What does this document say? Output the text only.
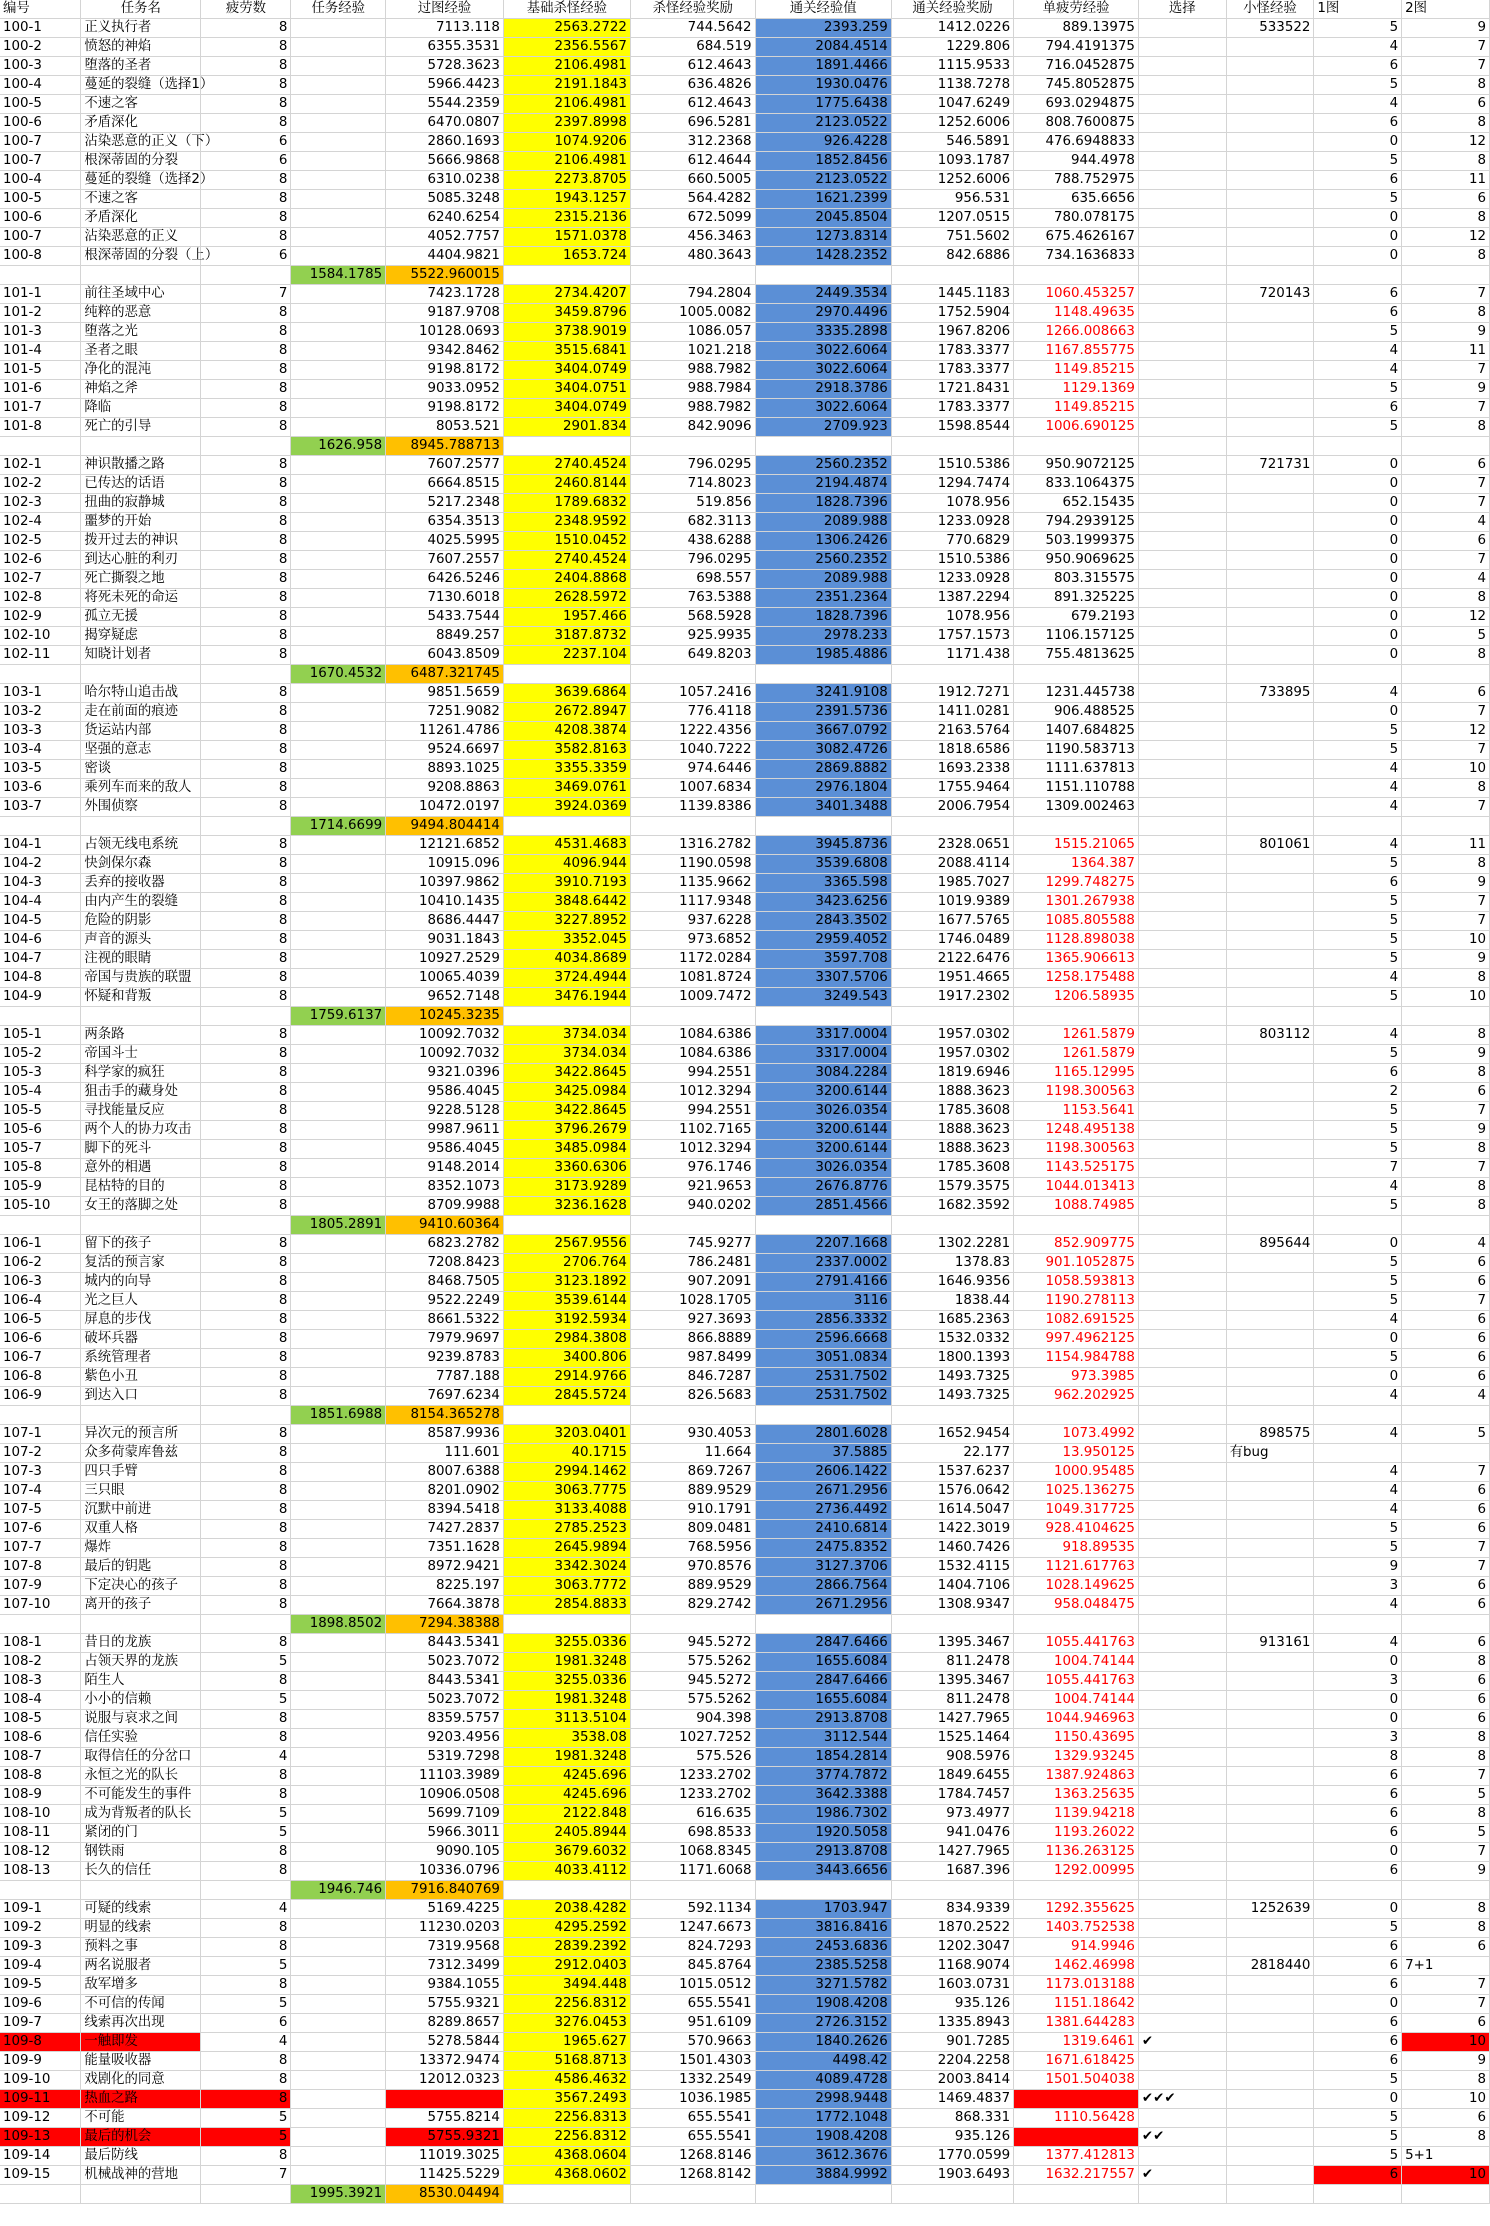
编号	任务名	疲劳数	任务经验	过图经验	基础杀怪经验	杀怪经验奖励	通关经验值	通关经验奖励	单疲劳经验	选择	小怪经验	1图	2图
100-1	正义执行者	8		7113.118	2563.2722	744.5642	2393.259	1412.0226	889.13975		533522	5	9
100-2	愤怒的神焰	8		6355.3531	2356.5567	684.519	2084.4514	1229.806	794.4191375			4	7
100-3	堕落的圣者	8		5728.3623	2106.4981	612.4643	1891.4466	1115.9533	716.0452875			6	7
100-4	蔓延的裂缝（选择1）	8		5966.4423	2191.1843	636.4826	1930.0476	1138.7278	745.8052875			5	8
100-5	不速之客	8		5544.2359	2106.4981	612.4643	1775.6438	1047.6249	693.0294875			4	6
100-6	矛盾深化	8		6470.0807	2397.8998	696.5281	2123.0522	1252.6006	808.7600875			6	8
100-7	沾染恶意的正义（下）	6		2860.1693	1074.9206	312.2368	926.4228	546.5891	476.6948833			0	12
100-7	根深蒂固的分裂	6		5666.9868	2106.4981	612.4644	1852.8456	1093.1787	944.4978			5	8
100-4	蔓延的裂缝（选择2）	8		6310.0238	2273.8705	660.5005	2123.0522	1252.6006	788.752975			6	11
100-5	不速之客	8		5085.3248	1943.1257	564.4282	1621.2399	956.531	635.6656			5	6
100-6	矛盾深化	8		6240.6254	2315.2136	672.5099	2045.8504	1207.0515	780.078175			0	8
100-7	沾染恶意的正义	8		4052.7757	1571.0378	456.3463	1273.8314	751.5602	675.4626167			0	12
100-8	根深蒂固的分裂（上）	6		4404.9821	1653.724	480.3643	1428.2352	842.6886	734.1636833			0	8
			1584.1785	5522.960015									
101-1	前往圣域中心	7		7423.1728	2734.4207	794.2804	2449.3534	1445.1183	1060.453257		720143	6	7
101-2	纯粹的恶意	8		9187.9708	3459.8796	1005.0082	2970.4496	1752.5904	1148.49635			6	8
101-3	堕落之光	8		10128.0693	3738.9019	1086.057	3335.2898	1967.8206	1266.008663			5	9
101-4	圣者之眼	8		9342.8462	3515.6841	1021.218	3022.6064	1783.3377	1167.855775			4	11
101-5	净化的混沌	8		9198.8172	3404.0749	988.7982	3022.6064	1783.3377	1149.85215			4	7
101-6	神焰之斧	8		9033.0952	3404.0751	988.7984	2918.3786	1721.8431	1129.1369			5	9
101-7	降临	8		9198.8172	3404.0749	988.7982	3022.6064	1783.3377	1149.85215			6	7
101-8	死亡的引导	8		8053.521	2901.834	842.9096	2709.923	1598.8544	1006.690125			5	8
			1626.958	8945.788713									
102-1	神识散播之路	8		7607.2577	2740.4524	796.0295	2560.2352	1510.5386	950.9072125		721731	0	6
102-2	已传达的话语	8		6664.8515	2460.8144	714.8023	2194.4874	1294.7474	833.1064375			0	7
102-3	扭曲的寂静城	8		5217.2348	1789.6832	519.856	1828.7396	1078.956	652.15435			0	7
102-4	噩梦的开始	8		6354.3513	2348.9592	682.3113	2089.988	1233.0928	794.2939125			0	4
102-5	拨开过去的神识	8		4025.5995	1510.0452	438.6288	1306.2426	770.6829	503.1999375			0	6
102-6	到达心脏的利刃	8		7607.2557	2740.4524	796.0295	2560.2352	1510.5386	950.9069625			0	7
102-7	死亡撕裂之地	8		6426.5246	2404.8868	698.557	2089.988	1233.0928	803.315575			0	4
102-8	将死未死的命运	8		7130.6018	2628.5972	763.5388	2351.2364	1387.2294	891.325225			0	8
102-9	孤立无援	8		5433.7544	1957.466	568.5928	1828.7396	1078.956	679.2193			0	12
102-10	揭穿疑虑	8		8849.257	3187.8732	925.9935	2978.233	1757.1573	1106.157125			0	5
102-11	知晓计划者	8		6043.8509	2237.104	649.8203	1985.4886	1171.438	755.4813625			0	8
			1670.4532	6487.321745									
103-1	哈尔特山追击战	8		9851.5659	3639.6864	1057.2416	3241.9108	1912.7271	1231.445738		733895	4	6
103-2	走在前面的痕迹	8		7251.9082	2672.8947	776.4118	2391.5736	1411.0281	906.488525			0	7
103-3	货运站内部	8		11261.4786	4208.3874	1222.4356	3667.0792	2163.5764	1407.684825			5	12
103-4	坚强的意志	8		9524.6697	3582.8163	1040.7222	3082.4726	1818.6586	1190.583713			5	7
103-5	密谈	8		8893.1025	3355.3359	974.6446	2869.8882	1693.2338	1111.637813			4	10
103-6	乘列车而来的敌人	8		9208.8863	3469.0761	1007.6834	2976.1804	1755.9464	1151.110788			4	8
103-7	外围侦察	8		10472.0197	3924.0369	1139.8386	3401.3488	2006.7954	1309.002463			4	7
			1714.6699	9494.804414									
104-1	占领无线电系统	8		12121.6852	4531.4683	1316.2782	3945.8736	2328.0651	1515.21065		801061	4	11
104-2	快剑保尔森	8		10915.096	4096.944	1190.0598	3539.6808	2088.4114	1364.387			5	8
104-3	丢弃的接收器	8		10397.9862	3910.7193	1135.9662	3365.598	1985.7027	1299.748275			6	9
104-4	由内产生的裂缝	8		10410.1435	3848.6442	1117.9348	3423.6256	1019.9389	1301.267938			5	7
104-5	危险的阴影	8		8686.4447	3227.8952	937.6228	2843.3502	1677.5765	1085.805588			5	7
104-6	声音的源头	8		9031.1843	3352.045	973.6852	2959.4052	1746.0489	1128.898038			5	10
104-7	注视的眼睛	8		10927.2529	4034.8689	1172.0284	3597.708	2122.6476	1365.906613			5	9
104-8	帝国与贵族的联盟	8		10065.4039	3724.4944	1081.8724	3307.5706	1951.4665	1258.175488			4	8
104-9	怀疑和背叛	8		9652.7148	3476.1944	1009.7472	3249.543	1917.2302	1206.58935			5	10
			1759.6137	10245.3235									
105-1	两条路	8		10092.7032	3734.034	1084.6386	3317.0004	1957.0302	1261.5879		803112	4	8
105-2	帝国斗士	8		10092.7032	3734.034	1084.6386	3317.0004	1957.0302	1261.5879			5	9
105-3	科学家的疯狂	8		9321.0396	3422.8645	994.2551	3084.2284	1819.6946	1165.12995			6	8
105-4	狙击手的藏身处	8		9586.4045	3425.0984	1012.3294	3200.6144	1888.3623	1198.300563			2	6
105-5	寻找能量反应	8		9228.5128	3422.8645	994.2551	3026.0354	1785.3608	1153.5641			5	7
105-6	两个人的协力攻击	8		9987.9611	3796.2679	1102.7165	3200.6144	1888.3623	1248.495138			5	9
105-7	脚下的死斗	8		9586.4045	3485.0984	1012.3294	3200.6144	1888.3623	1198.300563			5	8
105-8	意外的相遇	8		9148.2014	3360.6306	976.1746	3026.0354	1785.3608	1143.525175			7	7
105-9	昆枯特的目的	8		8352.1073	3173.9289	921.9653	2676.8776	1579.3575	1044.013413			4	8
105-10	女王的落脚之处	8		8709.9988	3236.1628	940.0202	2851.4566	1682.3592	1088.74985			5	8
			1805.2891	9410.60364									
106-1	留下的孩子	8		6823.2782	2567.9556	745.9277	2207.1668	1302.2281	852.909775		895644	0	4
106-2	复活的预言家	8		7208.8423	2706.764	786.2481	2337.0002	1378.83	901.1052875			5	6
106-3	城内的向导	8		8468.7505	3123.1892	907.2091	2791.4166	1646.9356	1058.593813			5	6
106-4	光之巨人	8		9522.2249	3539.6144	1028.1705	3116	1838.44	1190.278113			5	7
106-5	屏息的步伐	8		8661.5322	3192.5934	927.3693	2856.3332	1685.2363	1082.691525			4	6
106-6	破坏兵器	8		7979.9697	2984.3808	866.8889	2596.6668	1532.0332	997.4962125			0	6
106-7	系统管理者	8		9239.8783	3400.806	987.8499	3051.0834	1800.1393	1154.984788			5	6
106-8	紫色小丑	8		7787.188	2914.9766	846.7287	2531.7502	1493.7325	973.3985			0	6
106-9	到达入口	8		7697.6234	2845.5724	826.5683	2531.7502	1493.7325	962.202925			4	4
			1851.6988	8154.365278									
107-1	异次元的预言所	8		8587.9936	3203.0401	930.4053	2801.6028	1652.9454	1073.4992		898575	4	5
107-2	众多荷蒙库鲁兹	8		111.601	40.1715	11.664	37.5885	22.177	13.950125		有bug		
107-3	四只手臂	8		8007.6388	2994.1462	869.7267	2606.1422	1537.6237	1000.95485			4	7
107-4	三只眼	8		8201.0902	3063.7775	889.9529	2671.2956	1576.0642	1025.136275			4	6
107-5	沉默中前进	8		8394.5418	3133.4088	910.1791	2736.4492	1614.5047	1049.317725			4	6
107-6	双重人格	8		7427.2837	2785.2523	809.0481	2410.6814	1422.3019	928.4104625			5	6
107-7	爆炸	8		7351.1628	2645.9894	768.5956	2475.8352	1460.7426	918.89535			5	7
107-8	最后的钥匙	8		8972.9421	3342.3024	970.8576	3127.3706	1532.4115	1121.617763			9	7
107-9	下定决心的孩子	8		8225.197	3063.7772	889.9529	2866.7564	1404.7106	1028.149625			3	6
107-10	离开的孩子	8		7664.3878	2854.8833	829.2742	2671.2956	1308.9347	958.048475			4	6
			1898.8502	7294.38388									
108-1	昔日的龙族	8		8443.5341	3255.0336	945.5272	2847.6466	1395.3467	1055.441763		913161	4	6
108-2	占领天界的龙族	5		5023.7072	1981.3248	575.5262	1655.6084	811.2478	1004.74144			0	8
108-3	陌生人	8		8443.5341	3255.0336	945.5272	2847.6466	1395.3467	1055.441763			3	6
108-4	小小的信赖	5		5023.7072	1981.3248	575.5262	1655.6084	811.2478	1004.74144			0	6
108-5	说服与哀求之间	8		8359.5757	3113.5104	904.398	2913.8708	1427.7965	1044.946963			0	6
108-6	信任实验	8		9203.4956	3538.08	1027.7252	3112.544	1525.1464	1150.43695			3	8
108-7	取得信任的分岔口	4		5319.7298	1981.3248	575.526	1854.2814	908.5976	1329.93245			8	8
108-8	永恒之光的队长	8		11103.3989	4245.696	1233.2702	3774.7872	1849.6455	1387.924863			6	7
108-9	不可能发生的事件	8		10906.0508	4245.696	1233.2702	3642.3388	1784.7457	1363.25635			6	5
108-10	成为背叛者的队长	5		5699.7109	2122.848	616.635	1986.7302	973.4977	1139.94218			6	8
108-11	紧闭的门	5		5966.3011	2405.8944	698.8533	1920.5058	941.0476	1193.26022			6	5
108-12	钢铁雨	8		9090.105	3679.6032	1068.8345	2913.8708	1427.7965	1136.263125			0	7
108-13	长久的信任	8		10336.0796	4033.4112	1171.6068	3443.6656	1687.396	1292.00995			6	9
			1946.746	7916.840769									
109-1	可疑的线索	4		5169.4225	2038.4282	592.1134	1703.947	834.9339	1292.355625		1252639	0	8
109-2	明显的线索	8		11230.0203	4295.2592	1247.6673	3816.8416	1870.2522	1403.752538			5	8
109-3	预料之事	8		7319.9568	2839.2392	824.7293	2453.6836	1202.3047	914.9946			6	6
109-4	两名说服者	5		7312.3499	2912.0403	845.8764	2385.5258	1168.9074	1462.46998		2818440	6	7+1
109-5	敌军增多	8		9384.1055	3494.448	1015.0512	3271.5782	1603.0731	1173.013188			6	7
109-6	不可信的传闻	5		5755.9321	2256.8312	655.5541	1908.4208	935.126	1151.18642			0	7
109-7	线索再次出现	6		8289.8657	3276.0453	951.6109	2726.3152	1335.8943	1381.644283			6	6
109-8	一触即发	4		5278.5844	1965.627	570.9663	1840.2626	901.7285	1319.6461	✔		6	10
109-9	能量吸收器	8		13372.9474	5168.8713	1501.4303	4498.42	2204.2258	1671.618425			6	9
109-10	戏剧化的同意	8		12012.0323	4586.4632	1332.2549	4089.4728	2003.8414	1501.504038			5	8
109-11	热血之路	8			3567.2493	1036.1985	2998.9448	1469.4837	1814.37596	✔✔✔		0	10
109-12	不可能	5		5755.8214	2256.8313	655.5541	1772.1048	868.331	1110.56428			5	6
109-13	最后的机会	5		5755.9321	2256.8312	655.5541	1908.4208	935.126	1438.983025	✔✔		5	8
109-14	最后防线	8		11019.3025	4368.0604	1268.8146	3612.3676	1770.0599	1377.412813			5	5+1
109-15	机械战神的营地	7		11425.5229	4368.0602	1268.8142	3884.9992	1903.6493	1632.217557	✔		6	10
			1995.3921	8530.04494									
